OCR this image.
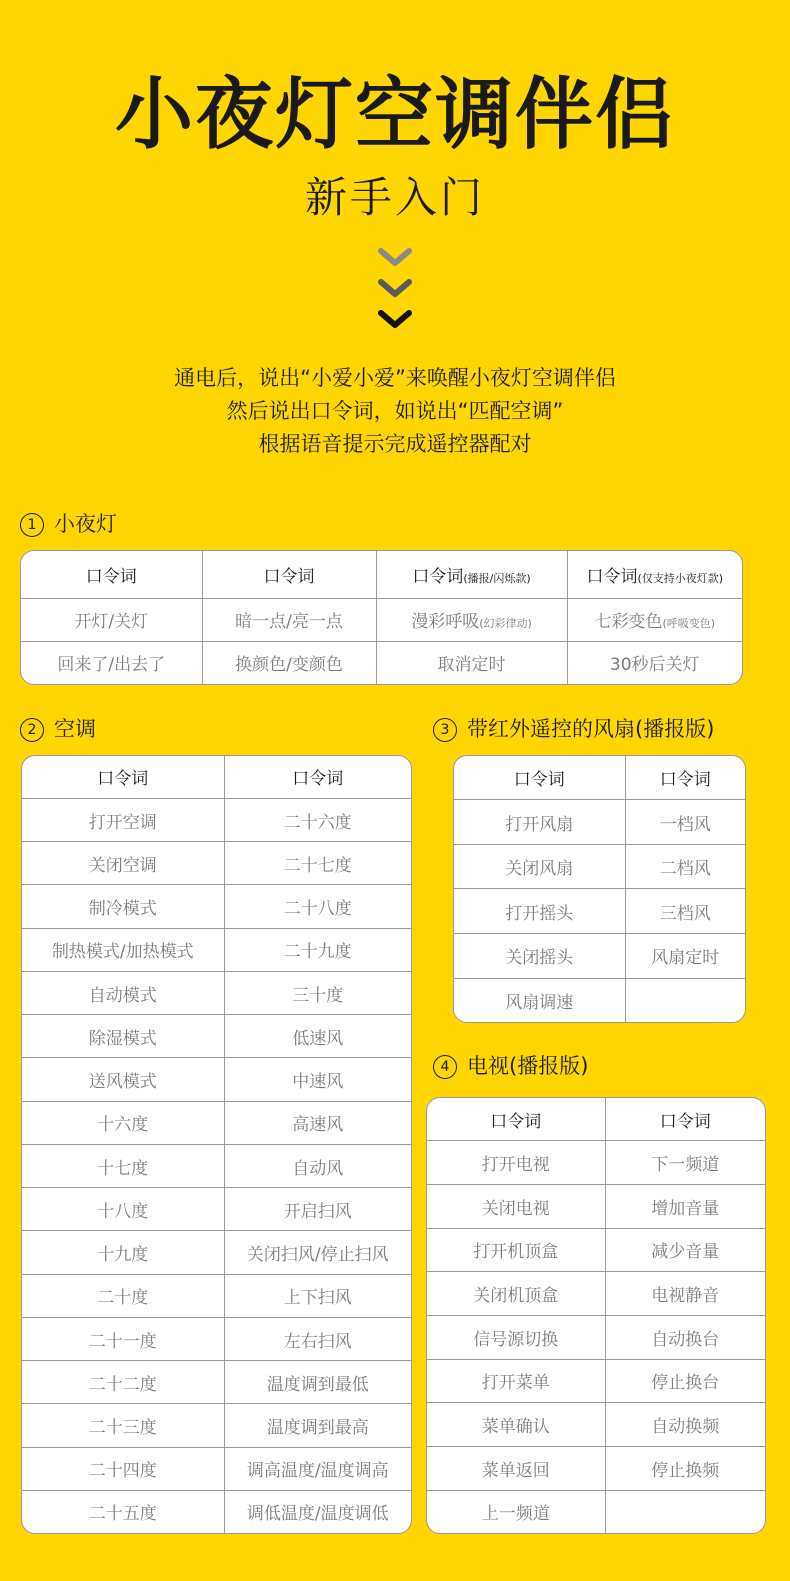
小夜灯空调伴侣
新手入门
通电后，说出“小爱小爱”来唤醒小夜灯空调伴侣
然后说出口令词，如说出“匹配空调”
根据语音提示完成遥控器配对
1 小夜灯
口令词	口令词	口令词(播报/闪烁款)	口令词(仅支持小夜灯款)
开灯/关灯	暗一点/亮一点	漫彩呼吸(幻彩律动)	七彩变色(呼吸变色)
回来了/出去了	换颜色/变颜色	取消定时	30秒后关灯
2 空调
口令词	口令词
打开空调	二十六度
关闭空调	二十七度
制冷模式	二十八度
制热模式/加热模式	二十九度
自动模式	三十度
除湿模式	低速风
送风模式	中速风
十六度	高速风
十七度	自动风
十八度	开启扫风
十九度	关闭扫风/停止扫风
二十度	上下扫风
二十一度	左右扫风
二十二度	温度调到最低
二十三度	温度调到最高
二十四度	调高温度/温度调高
二十五度	调低温度/温度调低
3 带红外遥控的风扇(播报版)
口令词	口令词
打开风扇	一档风
关闭风扇	二档风
打开摇头	三档风
关闭摇头	风扇定时
风扇调速	
4 电视(播报版)
口令词	口令词
打开电视	下一频道
关闭电视	增加音量
打开机顶盒	减少音量
关闭机顶盒	电视静音
信号源切换	自动换台
打开菜单	停止换台
菜单确认	自动换频
菜单返回	停止换频
上一频道	
